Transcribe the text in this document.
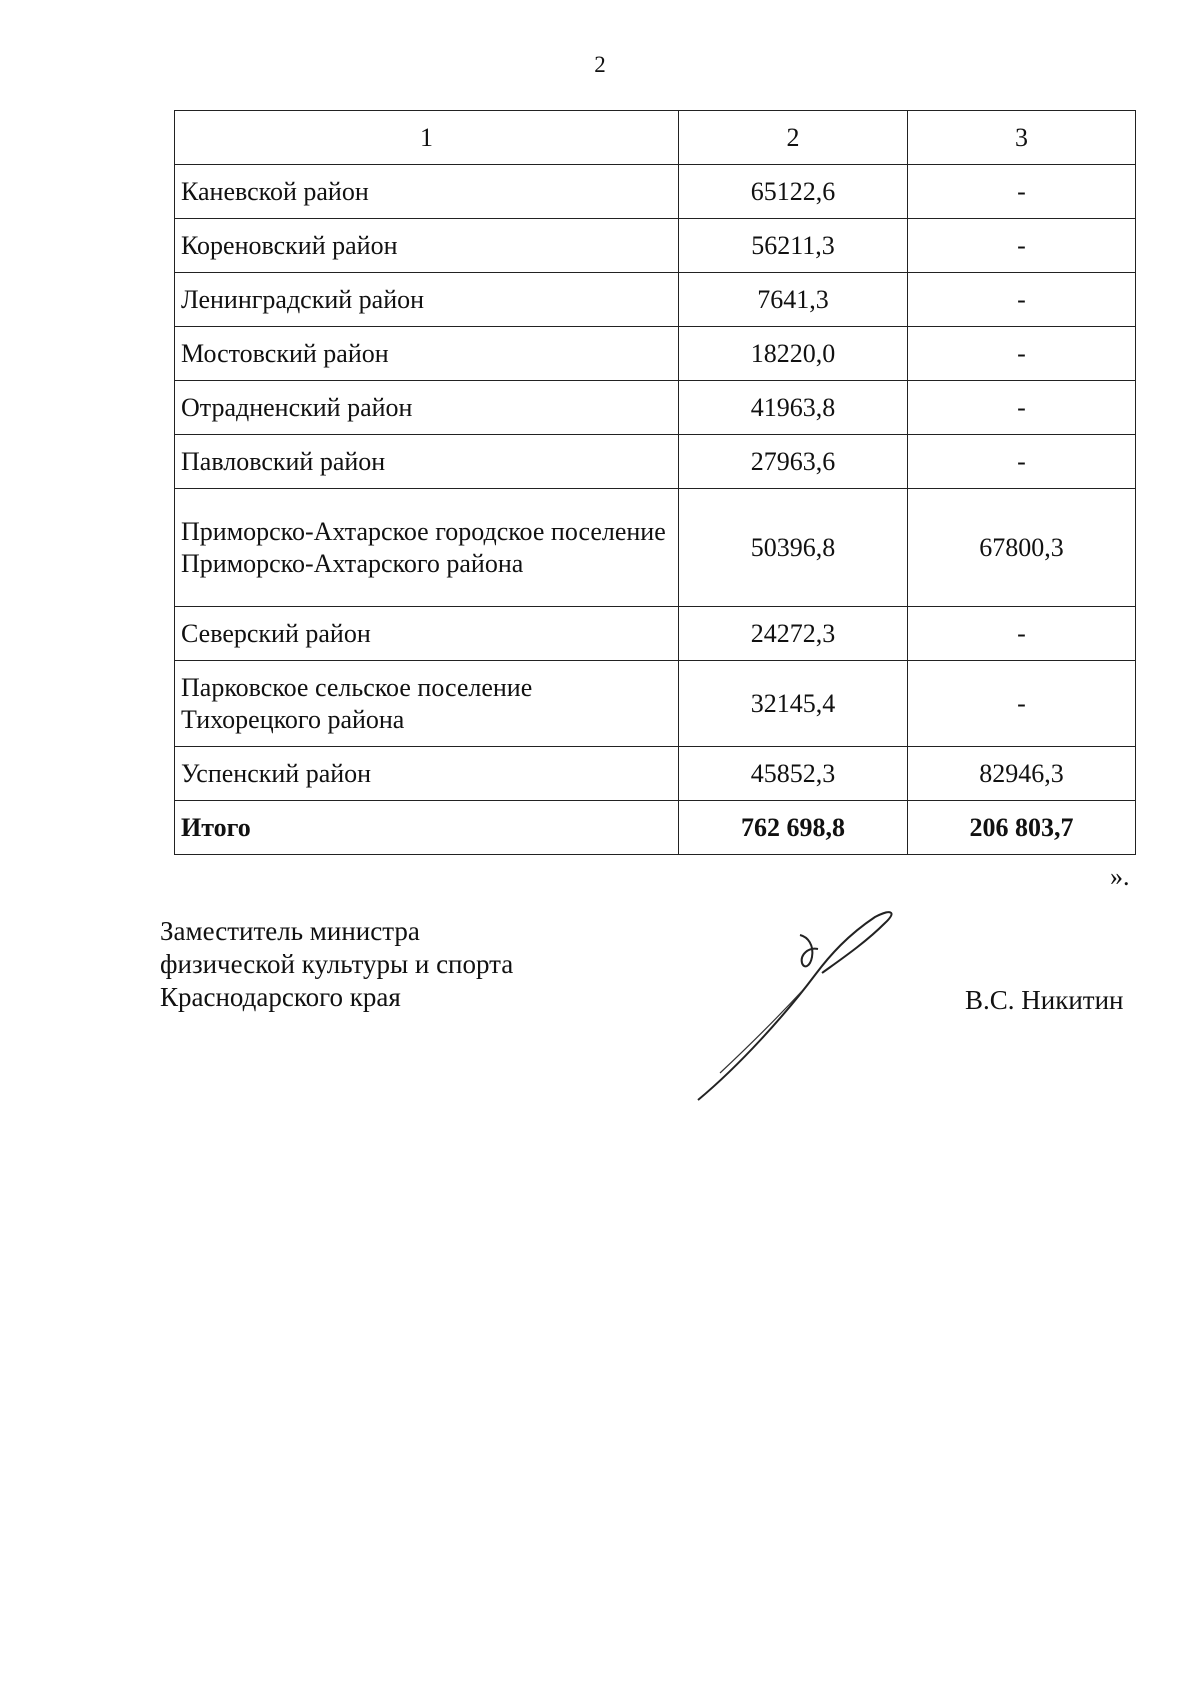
2
1	2	3
Каневской район	65122,6	-
Кореновский район	56211,3	-
Ленинградский район	7641,3	-
Мостовский район	18220,0	-
Отрадненский район	41963,8	-
Павловский район	27963,6	-
Приморско-Ахтарское городское поселение Приморско-Ахтарского района	50396,8	67800,3
Северский район	24272,3	-
Парковское сельское поселение Тихорецкого района	32145,4	-
Успенский район	45852,3	82946,3
Итого	762 698,8	206 803,7
».
Заместитель министра
физической культуры и спорта
Краснодарского края	В.С. Никитин
